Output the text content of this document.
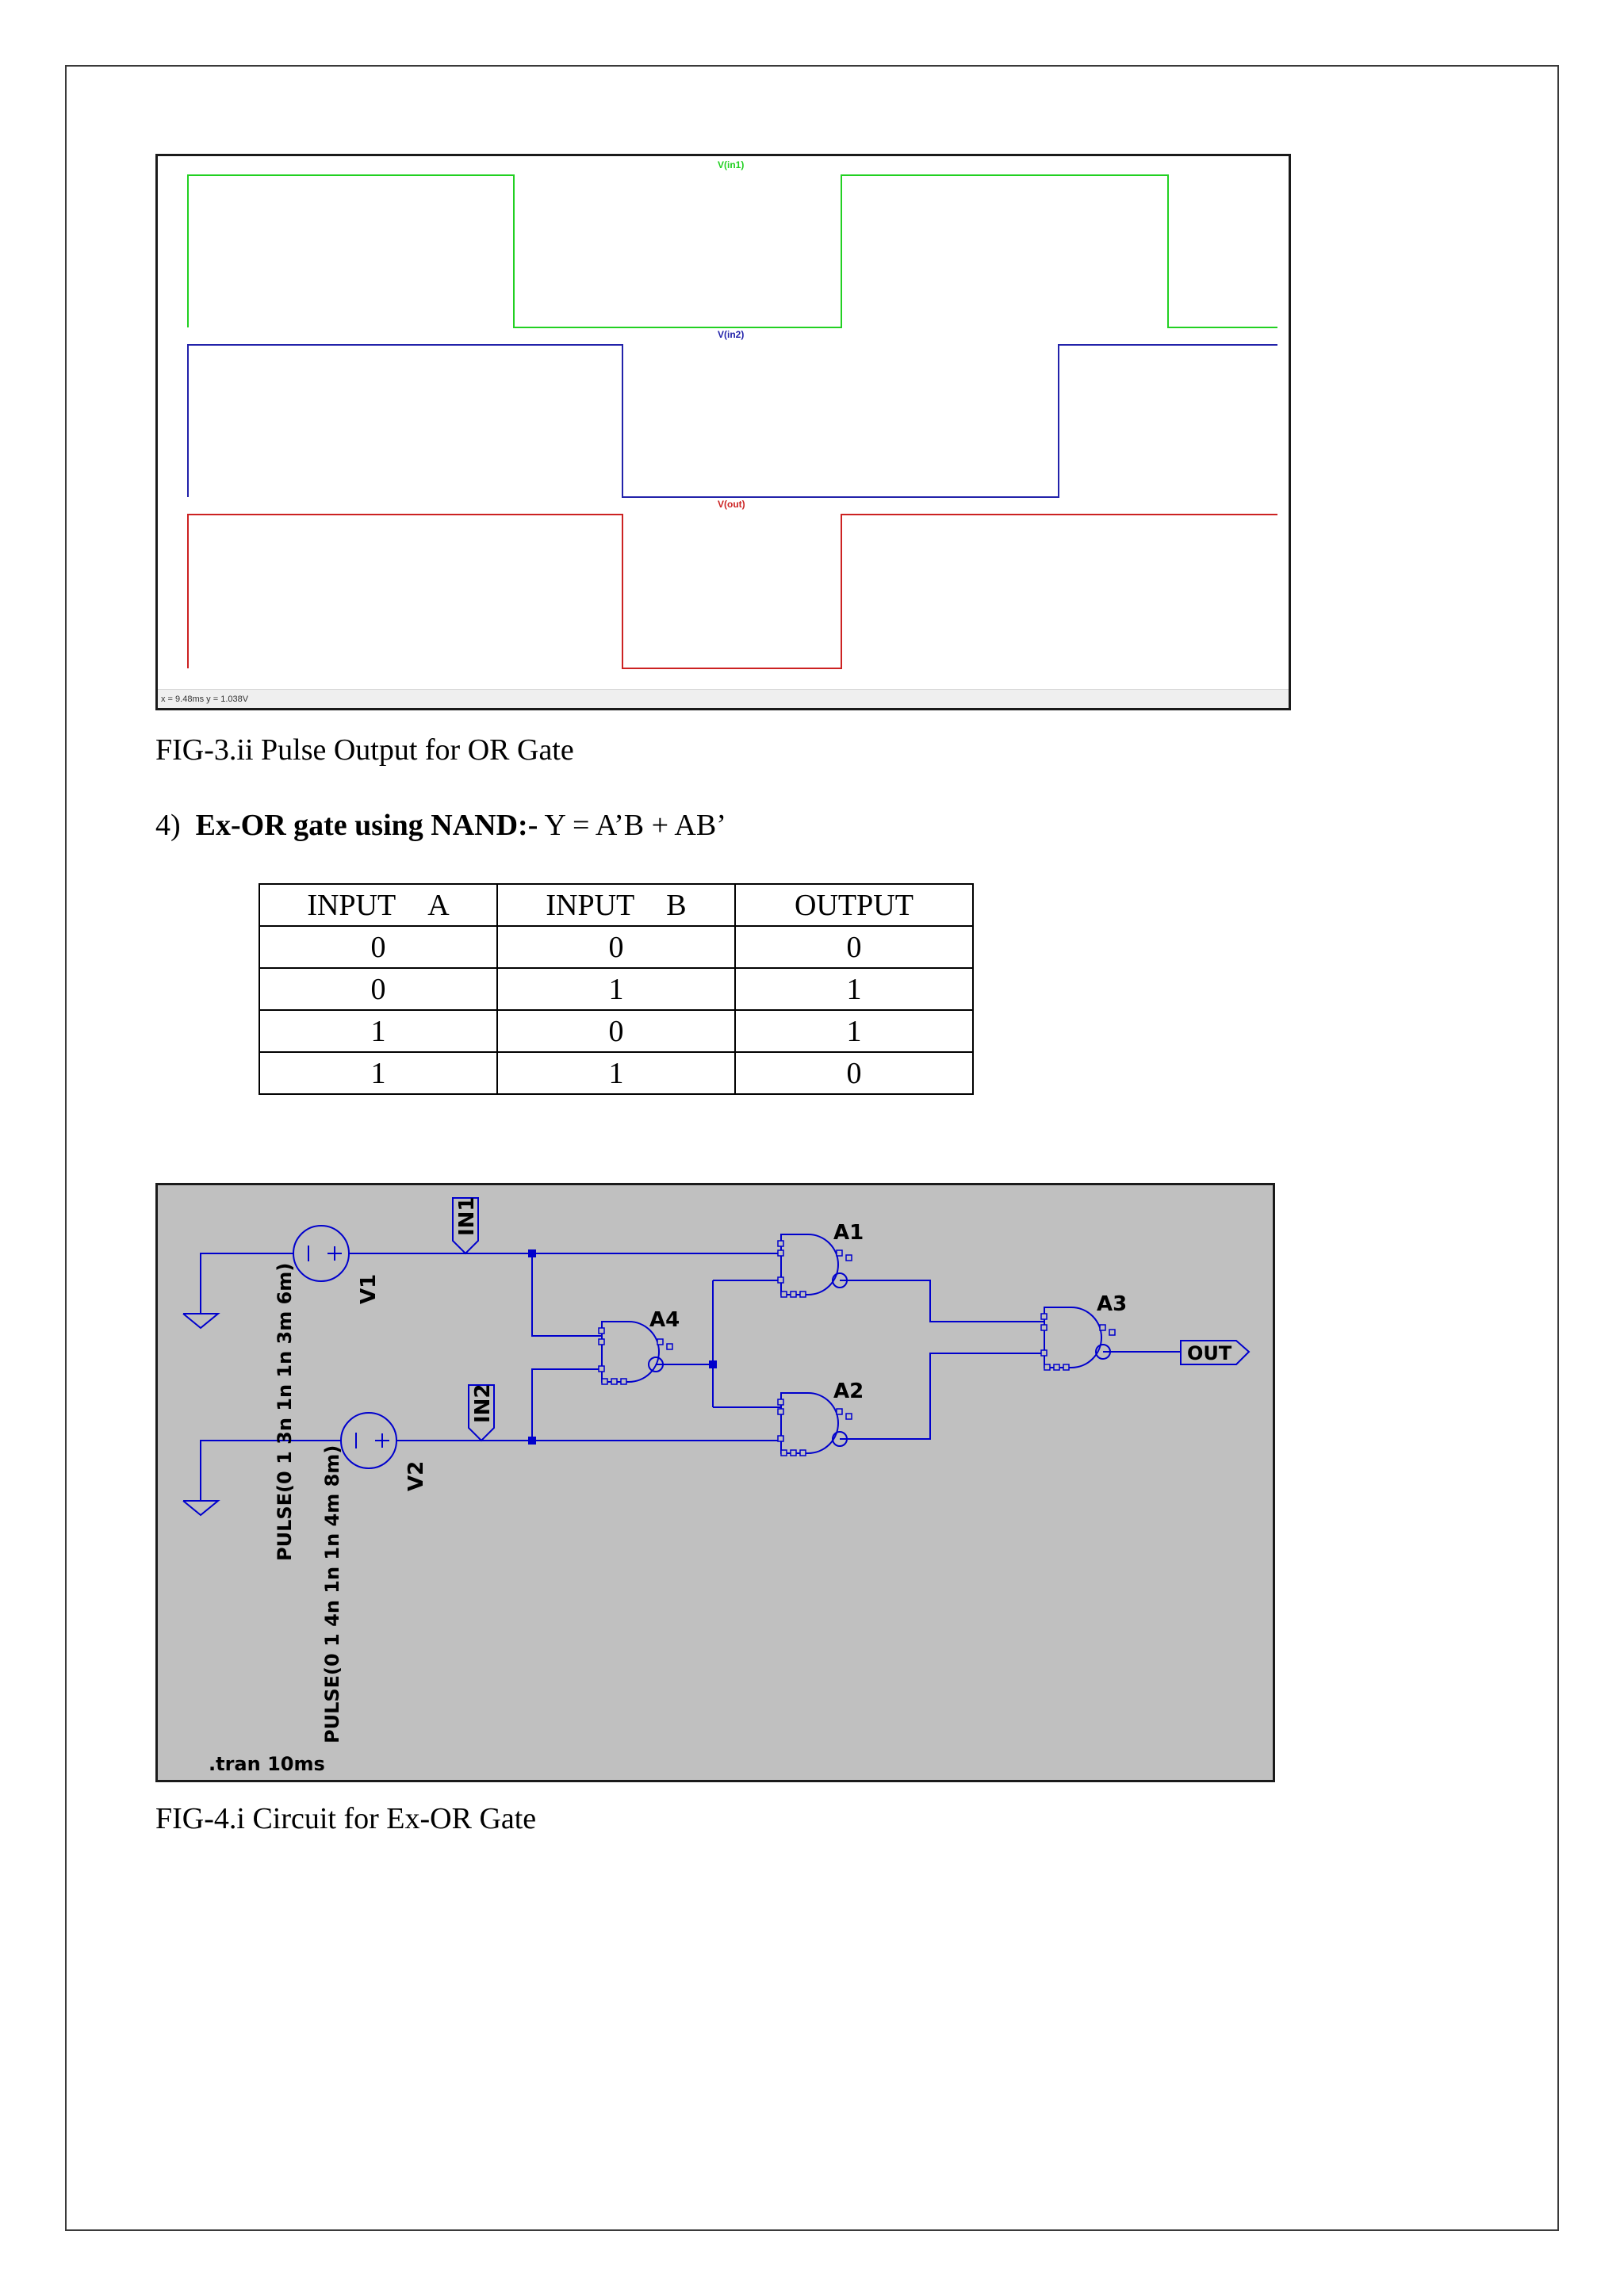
V(in1)
V(in2)
V(out)
x = 9.48ms y = 1.038V
FIG-3.ii Pulse Output for OR Gate
4) Ex-OR gate using NAND:- Y = A’B + AB’
INPUT A	INPUT B	OUTPUT
0	0	0
0	1	1
1	0	1
1	1	0
IN1
IN2
V1
V2
A1
A2
A3
A4
OUT
PULSE(0 1 3n 1n 1n 3m 6m)
PULSE(0 1 4n 1n 1n 4m 8m)
.tran 10ms
FIG-4.i Circuit for Ex-OR Gate
